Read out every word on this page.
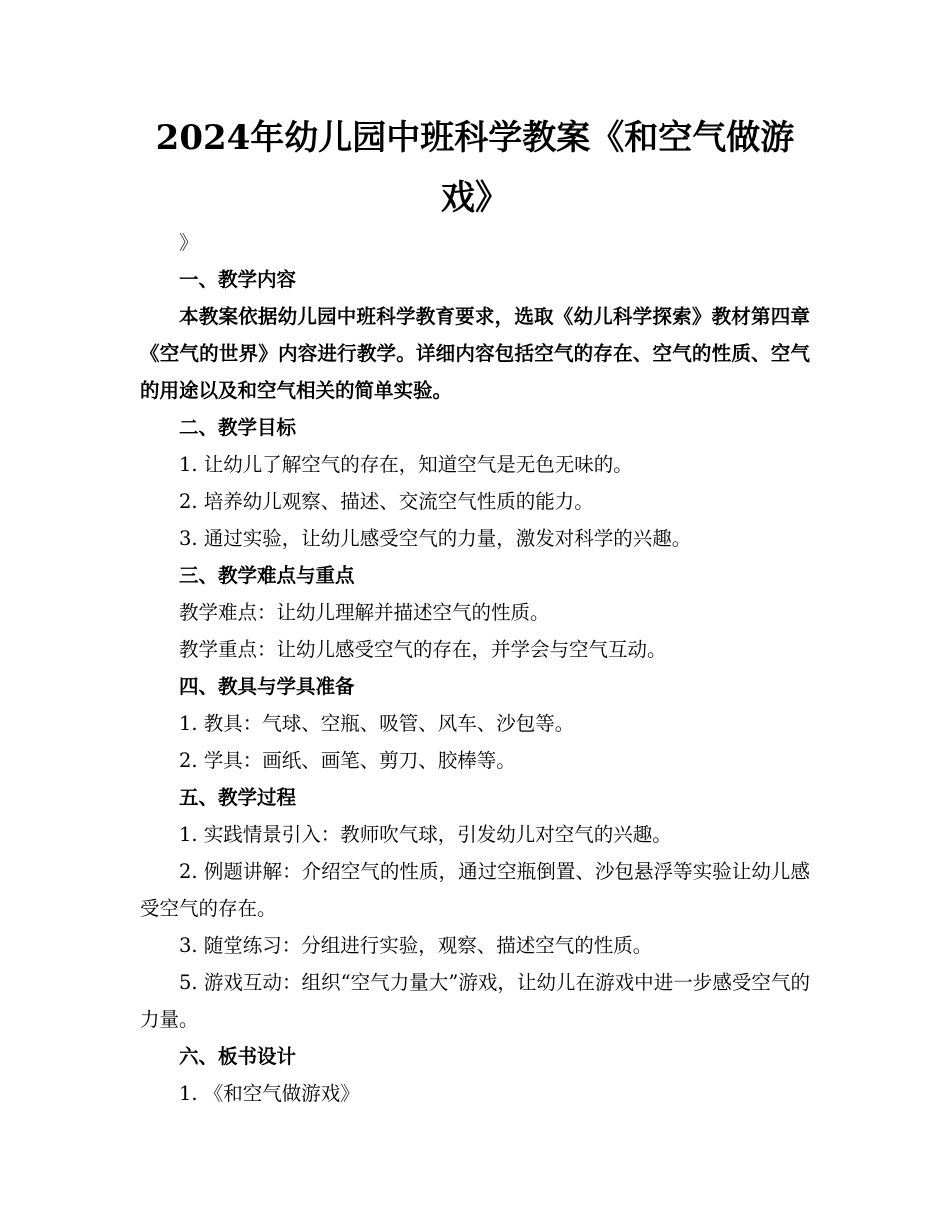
2024年幼儿园中班科学教案《和空气做游戏》

》

一、教学内容

本教案依据幼儿园中班科学教育要求，选取《幼儿科学探索》教材第四章《空气的世界》内容进行教学。详细内容包括空气的存在、空气的性质、空气的用途以及和空气相关的简单实验。

二、教学目标

1. 让幼儿了解空气的存在，知道空气是无色无味的。

2. 培养幼儿观察、描述、交流空气性质的能力。

3. 通过实验，让幼儿感受空气的力量，激发对科学的兴趣。

三、教学难点与重点

教学难点：让幼儿理解并描述空气的性质。

教学重点：让幼儿感受空气的存在，并学会与空气互动。

四、教具与学具准备

1. 教具：气球、空瓶、吸管、风车、沙包等。

2. 学具：画纸、画笔、剪刀、胶棒等。

五、教学过程

1. 实践情景引入：教师吹气球，引发幼儿对空气的兴趣。

2. 例题讲解：介绍空气的性质，通过空瓶倒置、沙包悬浮等实验让幼儿感受空气的存在。

3. 随堂练习：分组进行实验，观察、描述空气的性质。

5. 游戏互动：组织“空气力量大”游戏，让幼儿在游戏中进一步感受空气的力量。

六、板书设计

1. 《和空气做游戏》
